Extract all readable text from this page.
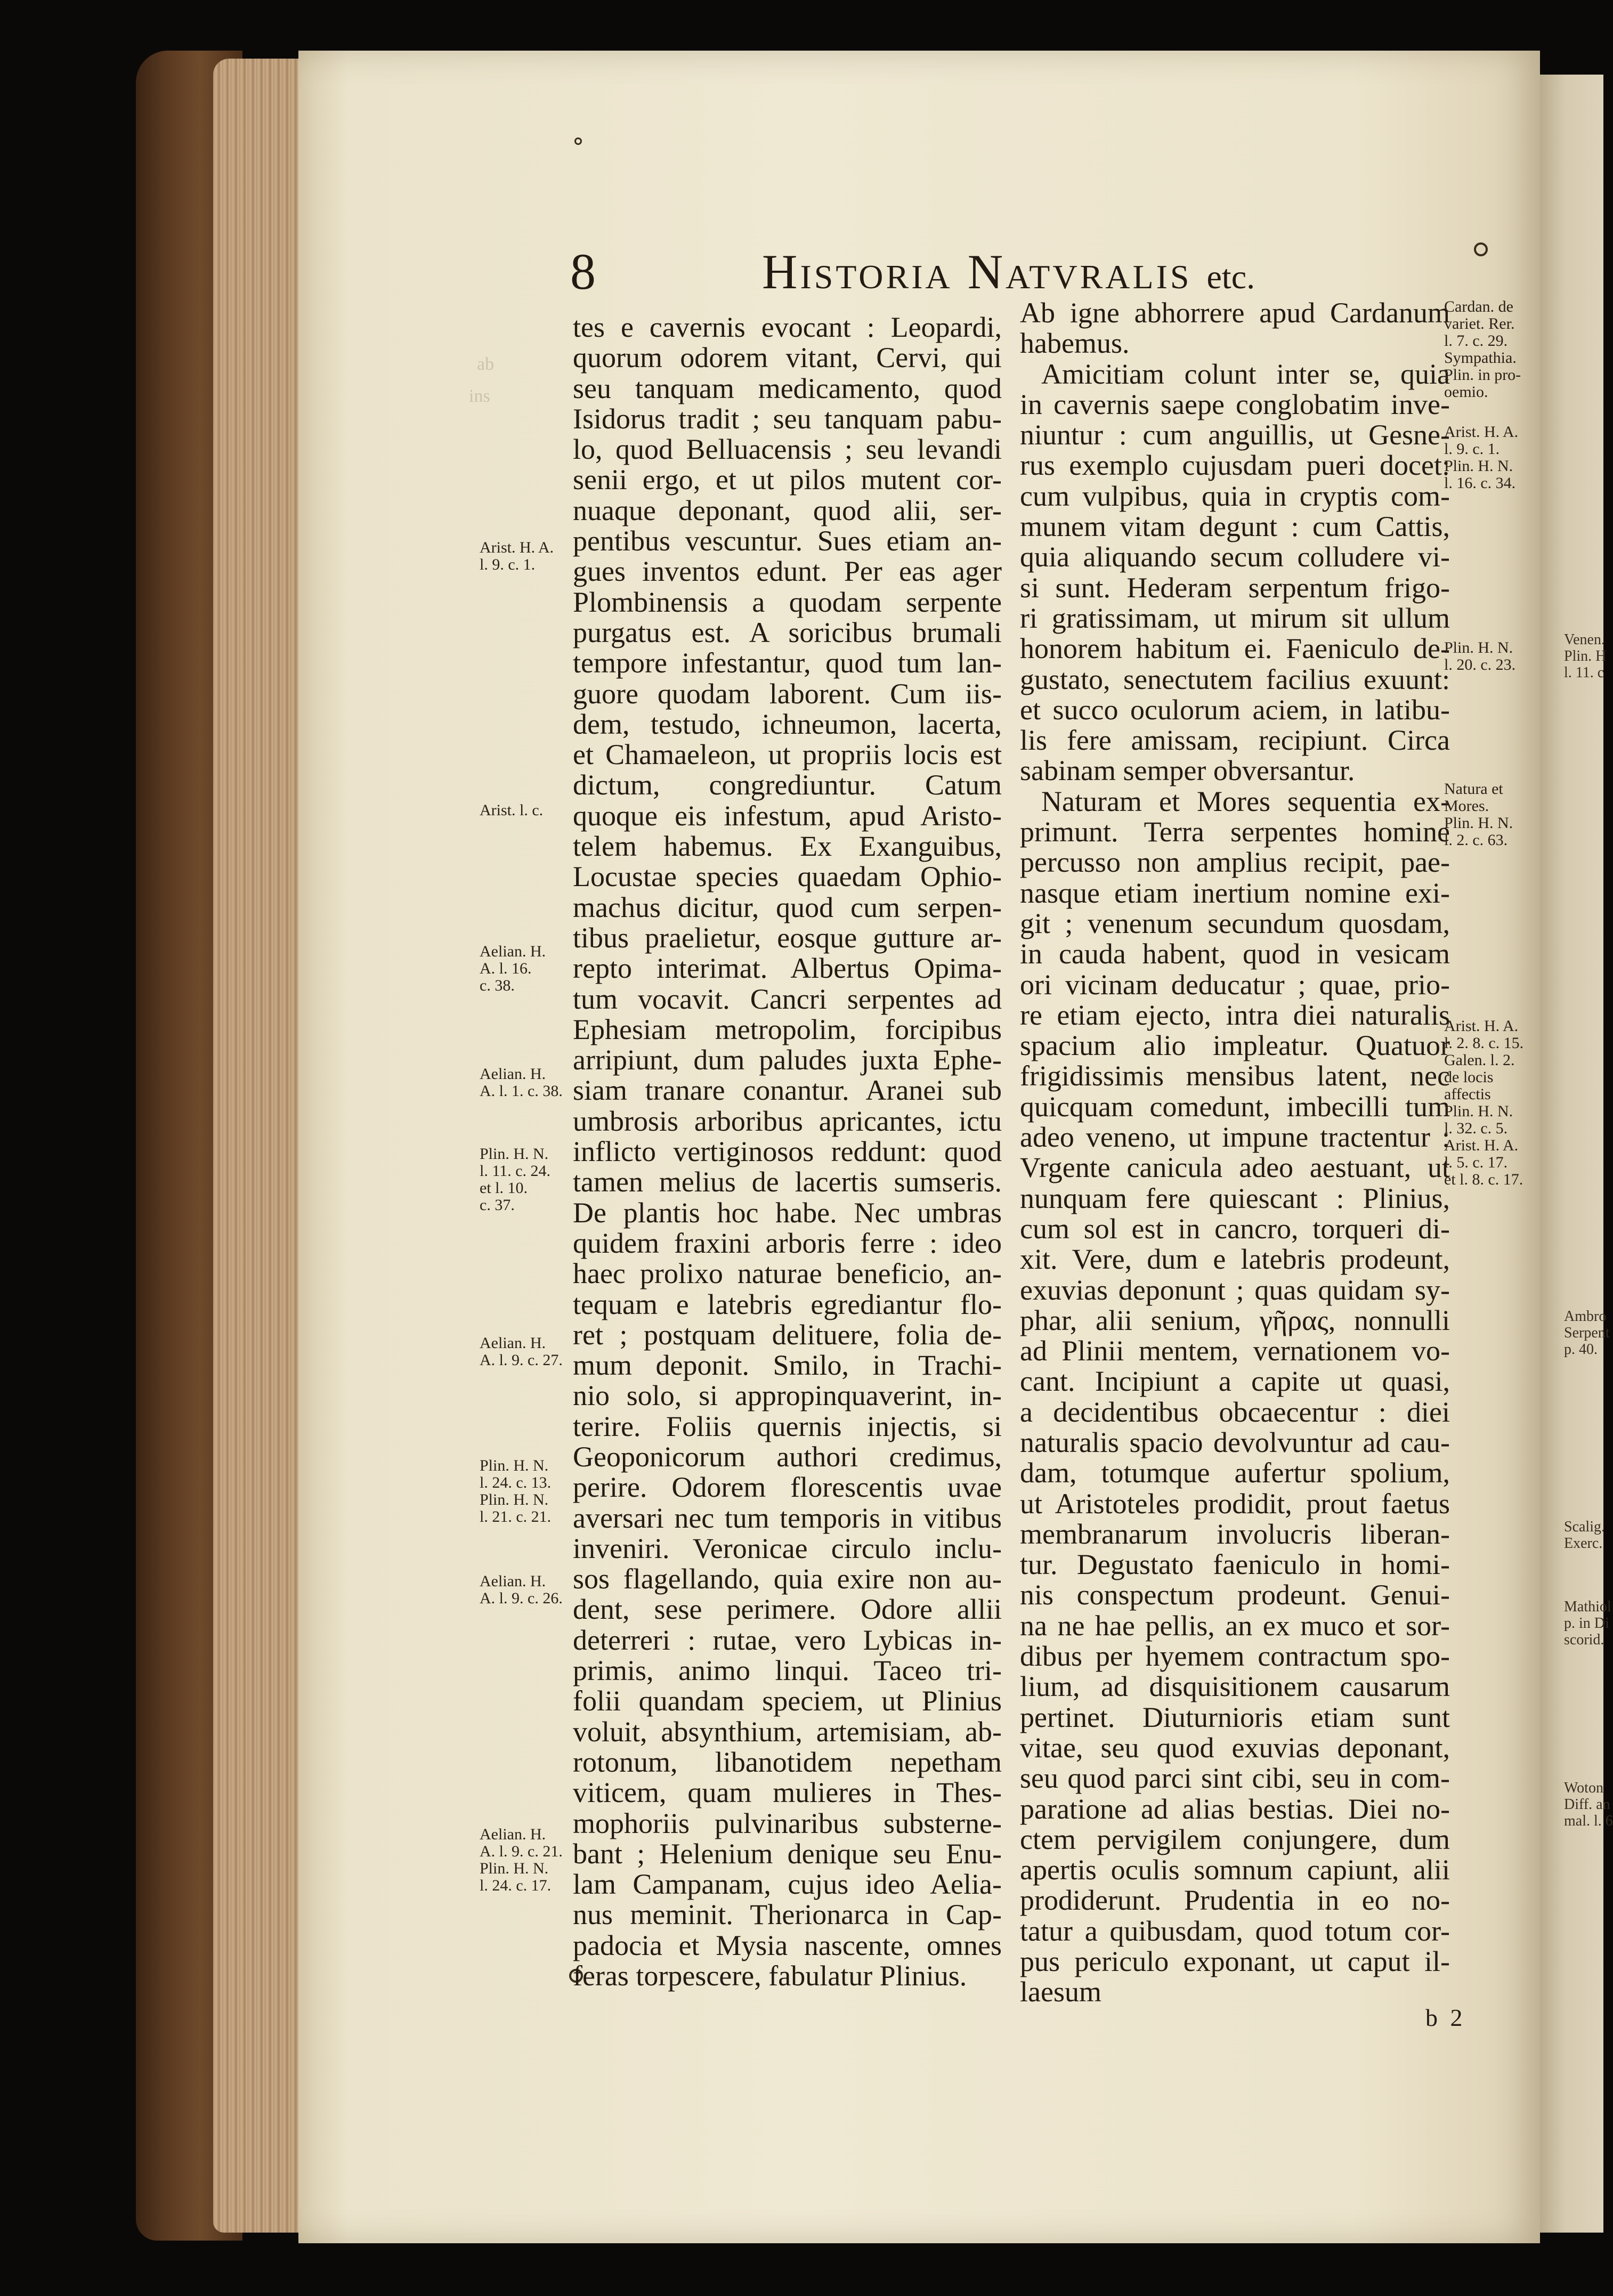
ab
ins
8	Historia Natvralis etc.
tes e cavernis evocant : Leopardi,
quorum odorem vitant, Cervi, qui
seu tanquam medicamento, quod
Isidorus tradit ; seu tanquam pabu-
lo, quod Belluacensis ; seu levandi
senii ergo, et ut pilos mutent cor-
nuaque deponant, quod alii, ser-
pentibus vescuntur. Sues etiam an-
gues inventos edunt. Per eas ager
Plombinensis a quodam serpente
purgatus est. A soricibus brumali
tempore infestantur, quod tum lan-
guore quodam laborent. Cum iis-
dem, testudo, ichneumon, lacerta,
et Chamaeleon, ut propriis locis est
dictum, congrediuntur. Catum
quoque eis infestum, apud Aristo-
telem habemus. Ex Exanguibus,
Locustae species quaedam Ophio-
machus dicitur, quod cum serpen-
tibus praelietur, eosque gutture ar-
repto interimat. Albertus Opima-
tum vocavit. Cancri serpentes ad
Ephesiam metropolim, forcipibus
arripiunt, dum paludes juxta Ephe-
siam tranare conantur. Aranei sub
umbrosis arboribus apricantes, ictu
inflicto vertiginosos reddunt: quod
tamen melius de lacertis sumseris.
De plantis hoc habe. Nec umbras
quidem fraxini arboris ferre : ideo
haec prolixo naturae beneficio, an-
tequam e latebris egrediantur flo-
ret ; postquam delituere, folia de-
mum deponit. Smilo, in Trachi-
nio solo, si appropinquaverint, in-
terire. Foliis quernis injectis, si
Geoponicorum authori credimus,
perire. Odorem florescentis uvae
aversari nec tum temporis in vitibus
inveniri. Veronicae circulo inclu-
sos flagellando, quia exire non au-
dent, sese perimere. Odore allii
deterreri : rutae, vero Lybicas in-
primis, animo linqui. Taceo tri-
folii quandam speciem, ut Plinius
voluit, absynthium, artemisiam, ab-
rotonum, libanotidem nepetham
viticem, quam mulieres in Thes-
mophoriis pulvinaribus substerne-
bant ; Helenium denique seu Enu-
lam Campanam, cujus ideo Aelia-
nus meminit. Therionarca in Cap-
padocia et Mysia nascente, omnes
feras torpescere, fabulatur Plinius.
Ab igne abhorrere apud Cardanum
habemus.
Amicitiam colunt inter se, quia
in cavernis saepe conglobatim inve-
niuntur : cum anguillis, ut Gesne-
rus exemplo cujusdam pueri docet:
cum vulpibus, quia in cryptis com-
munem vitam degunt : cum Cattis,
quia aliquando secum colludere vi-
si sunt. Hederam serpentum frigo-
ri gratissimam, ut mirum sit ullum
honorem habitum ei. Faeniculo de-
gustato, senectutem facilius exuunt:
et succo oculorum aciem, in latibu-
lis fere amissam, recipiunt. Circa
sabinam semper obversantur.
Naturam et Mores sequentia ex-
primunt. Terra serpentes homine
percusso non amplius recipit, pae-
nasque etiam inertium nomine exi-
git ; venenum secundum quosdam,
in cauda habent, quod in vesicam
ori vicinam deducatur ; quae, prio-
re etiam ejecto, intra diei naturalis
spacium alio impleatur. Quatuor
frigidissimis mensibus latent, nec
quicquam comedunt, imbecilli tum
adeo veneno, ut impune tractentur :
Vrgente canicula adeo aestuant, ut
nunquam fere quiescant : Plinius,
cum sol est in cancro, torqueri di-
xit. Vere, dum e latebris prodeunt,
exuvias deponunt ; quas quidam sy-
phar, alii senium, γῆρας, nonnulli
ad Plinii mentem, vernationem vo-
cant. Incipiunt a capite ut quasi,
a decidentibus obcaecentur : diei
naturalis spacio devolvuntur ad cau-
dam, totumque aufertur spolium,
ut Aristoteles prodidit, prout faetus
membranarum involucris liberan-
tur. Degustato faeniculo in homi-
nis conspectum prodeunt. Genui-
na ne hae pellis, an ex muco et sor-
dibus per hyemem contractum spo-
lium, ad disquisitionem causarum
pertinet. Diuturnioris etiam sunt
vitae, seu quod exuvias deponant,
seu quod parci sint cibi, seu in com-
paratione ad alias bestias. Diei no-
ctem pervigilem conjungere, dum
apertis oculis somnum capiunt, alii
prodiderunt. Prudentia in eo no-
tatur a quibusdam, quod totum cor-
pus periculo exponant, ut caput il-
laesum
Arist. H. A.
l. 9. c. 1.
Arist. l. c.
Aelian. H.
A. l. 16.
c. 38.
Aelian. H.
A. l. 1. c. 38.
Plin. H. N.
l. 11. c. 24.
et l. 10.
c. 37.
Aelian. H.
A. l. 9. c. 27.
Plin. H. N.
l. 24. c. 13.
Plin. H. N.
l. 21. c. 21.
Aelian. H.
A. l. 9. c. 26.
Aelian. H.
A. l. 9. c. 21.
Plin. H. N.
l. 24. c. 17.
Cardan. de
variet. Rer.
l. 7. c. 29.
Sympathia.
Plin. in pro-
oemio.
Arist. H. A.
l. 9. c. 1.
Plin. H. N.
l. 16. c. 34.
Plin. H. N.
l. 20. c. 23.
Natura et
Mores.
Plin. H. N.
l. 2. c. 63.
Arist. H. A.
l. 2. 8. c. 15.
Galen. l. 2.
de locis
affectis
Plin. H. N.
l. 32. c. 5.
Arist. H. A.
l. 5. c. 17.
et l. 8. c. 17.
Venen.
Plin. H
l. 11. c
Ambro
Serpent
p. 40.
Scalig.
Exerc.
Mathiol
p. in Di
scorid.
Woton
Diff. an
mal. l. 6
b 2
